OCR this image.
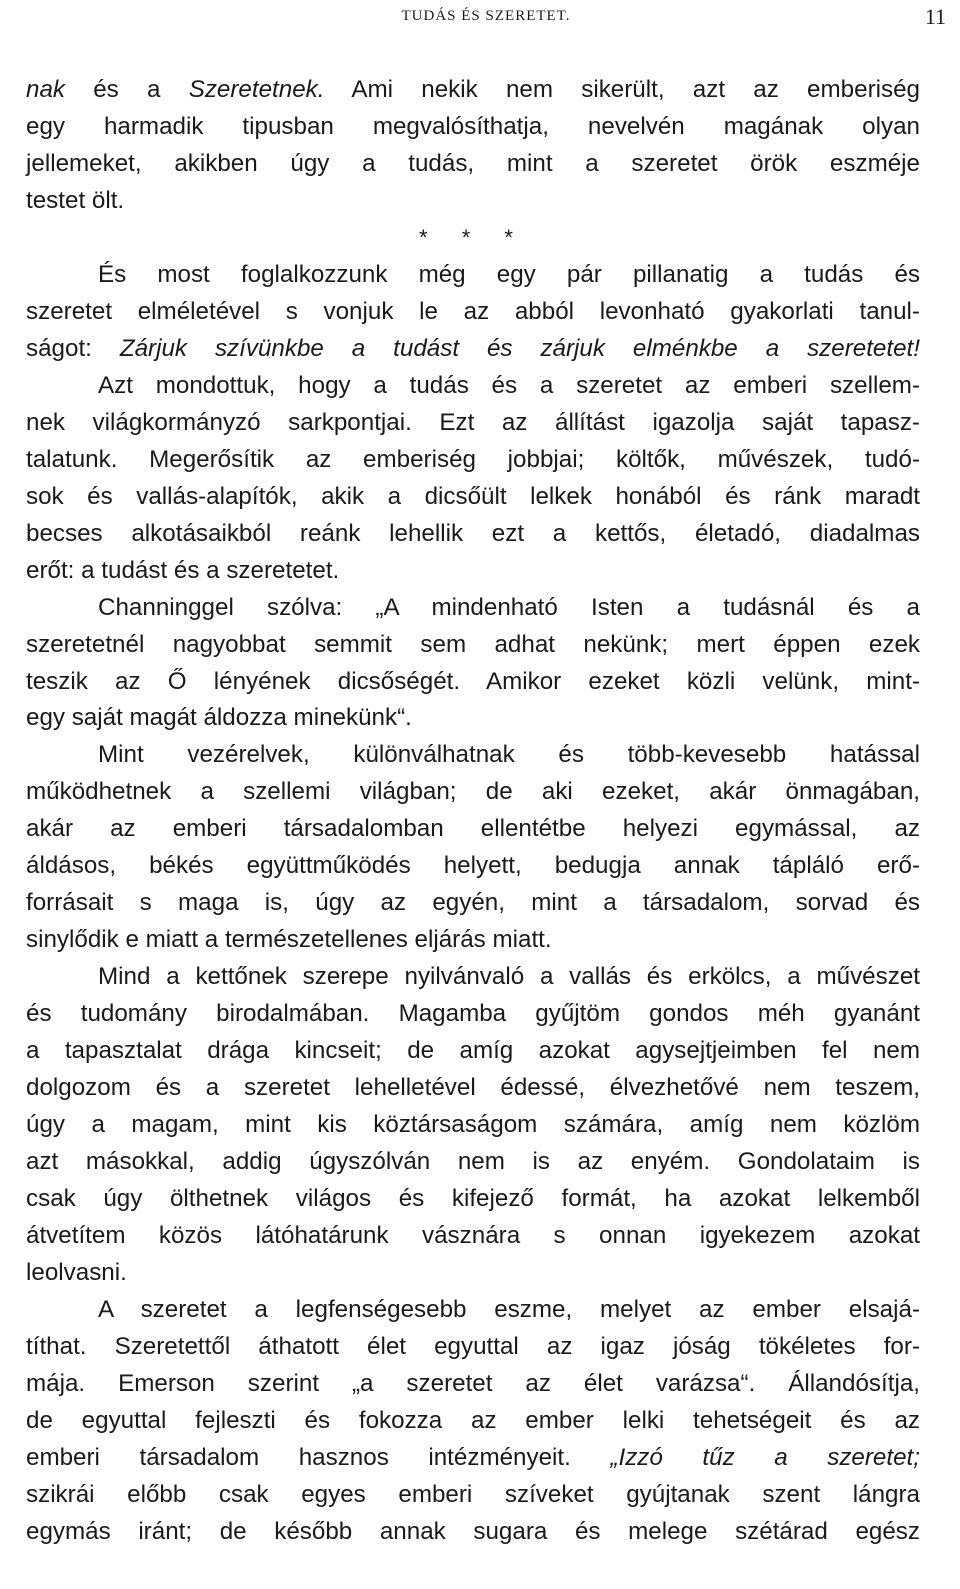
TUDÁS ÉS SZERETET.	11
nak és a Szeretetnek. Ami nekik nem sikerült, azt az emberiség
egy harmadik tipusban megvalósíthatja, nevelvén magának olyan
jellemeket, akikben úgy a tudás, mint a szeretet örök eszméje
testet ölt.
* * *
És most foglalkozzunk még egy pár pillanatig a tudás és
szeretet elméletével s vonjuk le az abból levonható gyakorlati tanul-
ságot: Zárjuk szívünkbe a tudást és zárjuk elménkbe a szeretetet!
Azt mondottuk, hogy a tudás és a szeretet az emberi szellem-
nek világkormányzó sarkpontjai. Ezt az állítást igazolja saját tapasz-
talatunk. Megerősítik az emberiség jobbjai; költők, művészek, tudó-
sok és vallás-alapítók, akik a dicsőült lelkek honából és ránk maradt
becses alkotásaikból reánk lehellik ezt a kettős, életadó, diadalmas
erőt: a tudást és a szeretetet.
Channinggel szólva: „A mindenható Isten a tudásnál és a
szeretetnél nagyobbat semmit sem adhat nekünk; mert éppen ezek
teszik az Ő lényének dicsőségét. Amikor ezeket közli velünk, mint-
egy saját magát áldozza minekünk“.
Mint vezérelvek, különválhatnak és több-kevesebb hatással
működhetnek a szellemi világban; de aki ezeket, akár önmagában,
akár az emberi társadalomban ellentétbe helyezi egymással, az
áldásos, békés együttműködés helyett, bedugja annak tápláló erő-
forrásait s maga is, úgy az egyén, mint a társadalom, sorvad és
sinylődik e miatt a természetellenes eljárás miatt.
Mind a kettőnek szerepe nyilvánvaló a vallás és erkölcs, a művészet
és tudomány birodalmában. Magamba gyűjtöm gondos méh gyanánt
a tapasztalat drága kincseit; de amíg azokat agysejtjeimben fel nem
dolgozom és a szeretet lehelletével édessé, élvezhetővé nem teszem,
úgy a magam, mint kis köztársaságom számára, amíg nem közlöm
azt másokkal, addig úgyszólván nem is az enyém. Gondolataim is
csak úgy ölthetnek világos és kifejező formát, ha azokat lelkemből
átvetítem közös látóhatárunk vásznára s onnan igyekezem azokat
leolvasni.
A szeretet a legfenségesebb eszme, melyet az ember elsajá-
títhat. Szeretettől áthatott élet egyuttal az igaz jóság tökéletes for-
mája. Emerson szerint „a szeretet az élet varázsa“. Állandósítja,
de egyuttal fejleszti és fokozza az ember lelki tehetségeit és az
emberi társadalom hasznos intézményeit. „Izzó tűz a szeretet;
szikrái előbb csak egyes emberi szíveket gyújtanak szent lángra
egymás iránt; de később annak sugara és melege szétárad egész
